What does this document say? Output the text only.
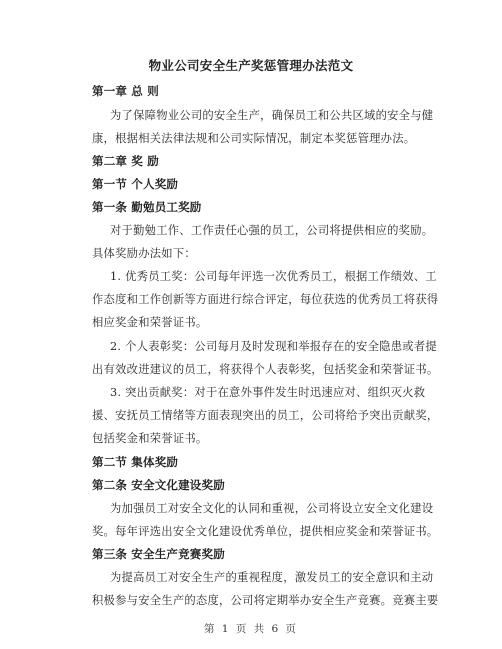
物业公司安全生产奖惩管理办法范文
第一章 总 则
为了保障物业公司的安全生产，确保员工和公共区域的安全与健
康，根据相关法律法规和公司实际情况，制定本奖惩管理办法。
第二章 奖 励
第一节 个人奖励
第一条 勤勉员工奖励
对于勤勉工作、工作责任心强的员工，公司将提供相应的奖励。
具体奖励办法如下：
1. 优秀员工奖：公司每年评选一次优秀员工，根据工作绩效、工
作态度和工作创新等方面进行综合评定，每位获选的优秀员工将获得
相应奖金和荣誉证书。
2. 个人表彰奖：公司每月及时发现和举报存在的安全隐患或者提
出有效改进建议的员工，将获得个人表彰奖，包括奖金和荣誉证书。
3. 突出贡献奖：对于在意外事件发生时迅速应对、组织灭火救
援、安抚员工情绪等方面表现突出的员工，公司将给予突出贡献奖，
包括奖金和荣誉证书。
第二节 集体奖励
第二条 安全文化建设奖励
为加强员工对安全文化的认同和重视，公司将设立安全文化建设
奖。每年评选出安全文化建设优秀单位，提供相应奖金和荣誉证书。
第三条 安全生产竞赛奖励
为提高员工对安全生产的重视程度，激发员工的安全意识和主动
积极参与安全生产的态度，公司将定期举办安全生产竞赛。竞赛主要
第 1 页 共 6 页
